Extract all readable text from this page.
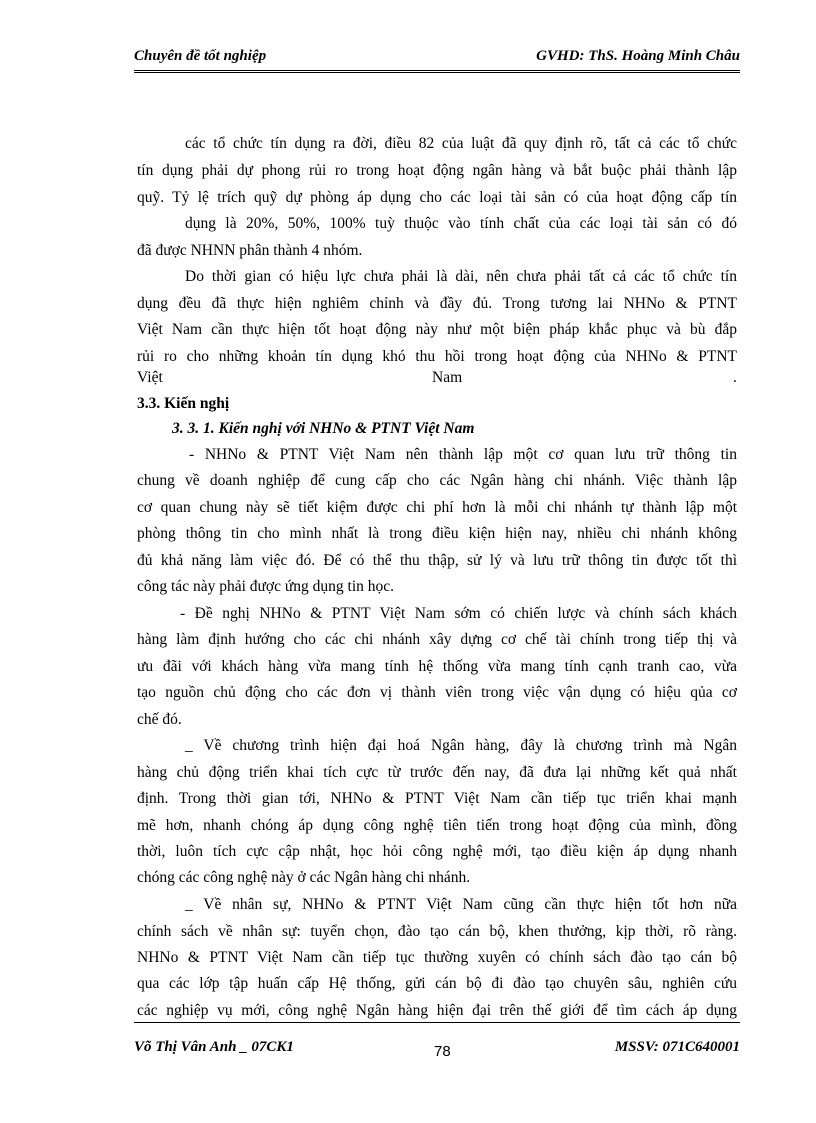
Chuyên đề tốt nghiệp	GVHD: ThS. Hoàng Minh Châu
các tổ chức tín dụng ra đời, điều 82 của luật đã quy định rõ, tất cả các tổ chức
tín dụng phải dự phong rủi ro trong hoạt động ngân hàng và bắt buộc phải thành lập
quỹ. Tỷ lệ trích quỹ dự phòng áp dụng cho các loại tài sản có của hoạt động cấp tín
dụng là 20%, 50%, 100% tuỳ thuộc vào tính chất của các loại tài sản có đó
đã được NHNN phân thành 4 nhóm.
Do thời gian có hiệu lực chưa phải là dài, nên chưa phải tất cả các tổ chức tín
dụng đều đã thực hiện nghiêm chỉnh và đầy đủ. Trong tương lai NHNo & PTNT
Việt Nam cần thực hiện tốt hoạt động này như một biện pháp khắc phục và bù đắp
rủi ro cho những khoản tín dụng khó thu hồi trong hoạt động của NHNo & PTNT
Việt	Nam	.
3.3. Kiến nghị
3. 3. 1. Kiến nghị với NHNo & PTNT Việt Nam
- NHNo & PTNT Việt Nam nên thành lập một cơ quan lưu trữ thông tin
chung về doanh nghiệp để cung cấp cho các Ngân hàng chi nhánh. Việc thành lập
cơ quan chung này sẽ tiết kiệm được chi phí hơn là mỗi chi nhánh tự thành lập một
phòng thông tin cho mình nhất là trong điều kiện hiện nay, nhiều chi nhánh không
đủ khả năng làm việc đó. Để có thể thu thập, sử lý và lưu trữ thông tin được tốt thì
công tác này phải được ứng dụng tin học.
- Đề nghị NHNo & PTNT Việt Nam sớm có chiến lược và chính sách khách
hàng làm định hướng cho các chi nhánh xây dựng cơ chế tài chính trong tiếp thị và
ưu đãi với khách hàng vừa mang tính hệ thống vừa mang tính cạnh tranh cao, vừa
tạo nguồn chủ động cho các đơn vị thành viên trong việc vận dụng có hiệu qủa cơ
chế đó.
_ Về chương trình hiện đại hoá Ngân hàng, đây là chương trình mà Ngân
hàng chủ động triển khai tích cực từ trước đến nay, đã đưa lại những kết quả nhất
định. Trong thời gian tới, NHNo & PTNT Việt Nam cần tiếp tục triển khai mạnh
mẽ hơn, nhanh chóng áp dụng công nghệ tiên tiến trong hoạt động của mình, đồng
thời, luôn tích cực cập nhật, học hỏi công nghệ mới, tạo điều kiện áp dụng nhanh
chóng các công nghệ này ở các Ngân hàng chi nhánh.
_ Về nhân sự, NHNo & PTNT Việt Nam cũng cần thực hiện tốt hơn nữa
chính sách về nhân sự: tuyển chọn, đào tạo cán bộ, khen thưởng, kịp thời, rõ ràng.
NHNo & PTNT Việt Nam cần tiếp tục thường xuyên có chính sách đào tạo cán bộ
qua các lớp tập huấn cấp Hệ thống, gửi cán bộ đi đào tạo chuyên sâu, nghiên cứu
các nghiệp vụ mới, công nghệ Ngân hàng hiện đại trên thế giới để tìm cách áp dụng
Võ Thị Vân Anh _ 07CK1	78	MSSV: 071C640001
